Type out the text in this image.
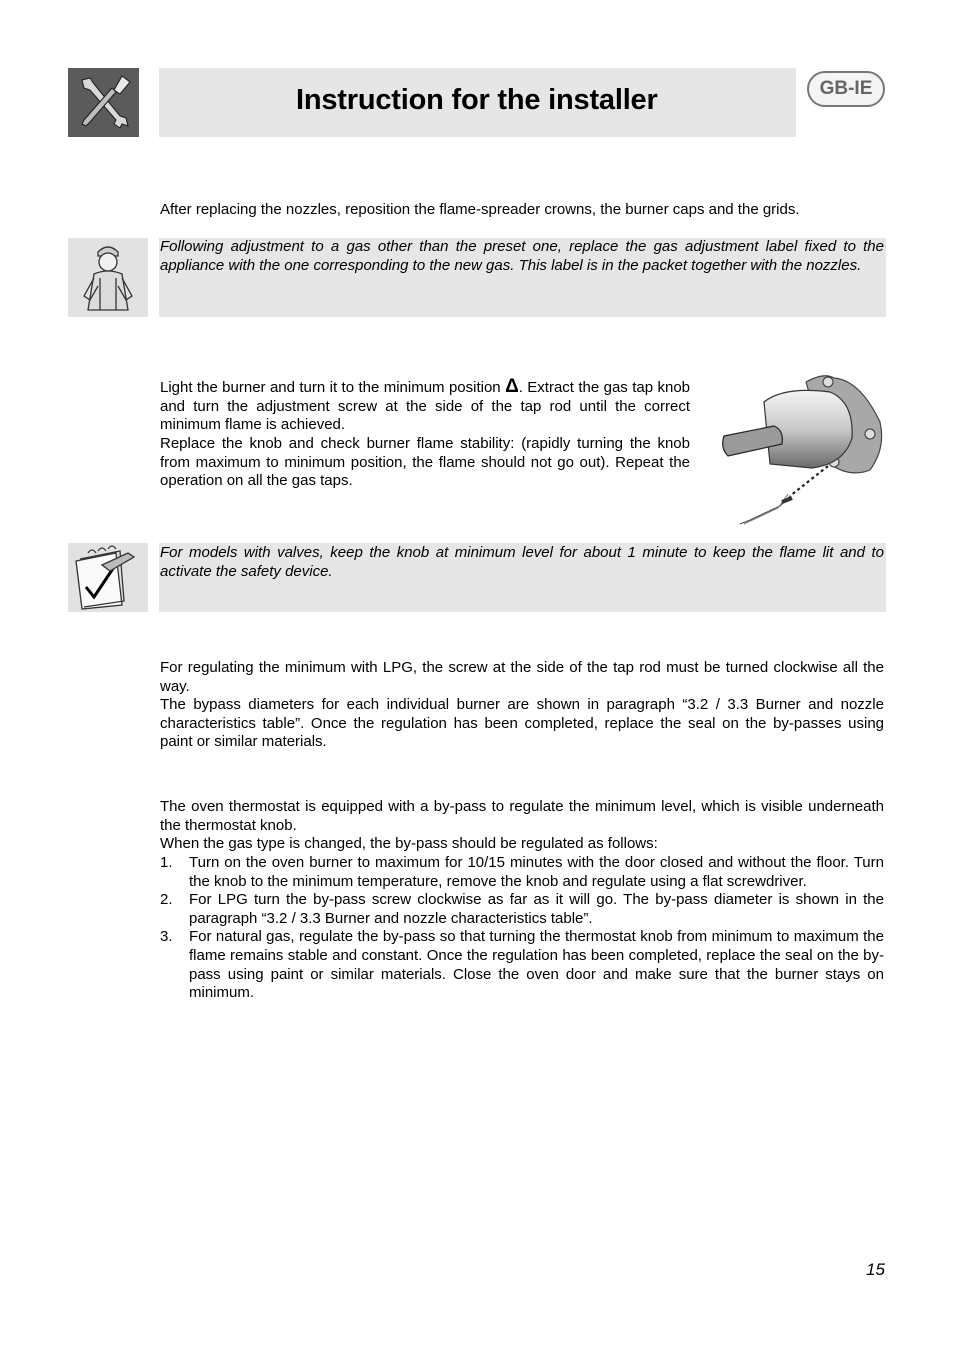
Instruction for the installer	GB-IE
After replacing the nozzles, reposition the flame-spreader crowns, the burner caps and the grids.
Following adjustment to a gas other than the preset one, replace the gas adjustment label fixed to the appliance with the one corresponding to the new gas. This label is in the packet together with the nozzles.
Light the burner and turn it to the minimum position Δ. Extract the gas tap knob and turn the adjustment screw at the side of the tap rod until the correct minimum flame is achieved.
Replace the knob and check burner flame stability: (rapidly turning the knob from maximum to minimum position, the flame should not go out). Repeat the operation on all the gas taps.
For models with valves, keep the knob at minimum level for about 1 minute to keep the flame lit and to activate the safety device.
For regulating the minimum with LPG, the screw at the side of the tap rod must be turned clockwise all the way.
The bypass diameters for each individual burner are shown in paragraph “3.2 / 3.3 Burner and nozzle characteristics table”. Once the regulation has been completed, replace the seal on the by-passes using paint or similar materials.
The oven thermostat is equipped with a by-pass to regulate the minimum level, which is visible underneath the thermostat knob.
When the gas type is changed, the by-pass should be regulated as follows:
1. Turn on the oven burner to maximum for 10/15 minutes with the door closed and without the floor. Turn the knob to the minimum temperature, remove the knob and regulate using a flat screwdriver.
2. For LPG turn the by-pass screw clockwise as far as it will go. The by-pass diameter is shown in the paragraph “3.2 / 3.3 Burner and nozzle characteristics table”.
3. For natural gas, regulate the by-pass so that turning the thermostat knob from minimum to maximum the flame remains stable and constant. Once the regulation has been completed, replace the seal on the by-pass using paint or similar materials. Close the oven door and make sure that the burner stays on minimum.
15
